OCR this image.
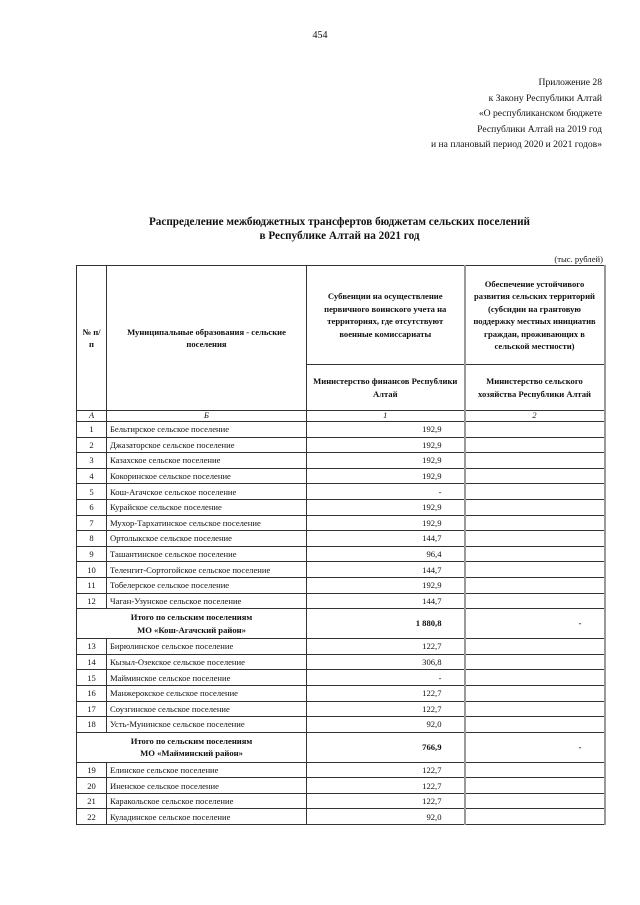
454
Приложение 28
к Закону Республики Алтай
«О республиканском бюджете
Республики Алтай на 2019 год
и на плановый период 2020 и 2021 годов»
Распределение межбюджетных трансфертов бюджетам сельских поселений
в Республике Алтай на 2021 год
(тыс. рублей)
№ п/п	Муниципальные образования - сельские поселения	Субвенции на осуществление первичного воинского учета на территориях, где отсутствуют военные комиссариаты	Обеспечение устойчивого развития сельских территорий (субсидии на грантовую поддержку местных инициатив граждан, проживающих в сельской местности)
		Министерство финансов Республики Алтай	Министерство сельского хозяйства Республики Алтай
А	Б	1	2
1	Бельтирское сельское поселение	192,9	
2	Джазаторское сельское поселение	192,9	
3	Казахское сельское поселение	192,9	
4	Кокоринское сельское поселение	192,9	
5	Кош-Агачское сельское поселение	-	
6	Курайское сельское поселение	192,9	
7	Мухор-Тархатинское сельское поселение	192,9	
8	Ортолыкское сельское поселение	144,7	
9	Ташантинское сельское поселение	96,4	
10	Теленгит-Сортогойское сельское поселение	144,7	
11	Тобелерское сельское поселение	192,9	
12	Чаган-Узунское сельское поселение	144,7	

Итого по сельским поселениям
МО «Кош-Агачский район»		1 880,8	-
13	Бирюлинское сельское поселение	122,7	
14	Кызыл-Озекское сельское поселение	306,8	
15	Майминское сельское поселение	-	
16	Манжерокское сельское поселение	122,7	
17	Соузгинское сельское поселение	122,7	
18	Усть-Мунинское сельское поселение	92,0	

Итого по сельским поселениям
МО «Майминский район»		766,9	-
19	Елинское сельское поселение	122,7	
20	Иненское сельское поселение	122,7	
21	Каракольское сельское поселение	122,7	
22	Куладинское сельское поселение	92,0	
